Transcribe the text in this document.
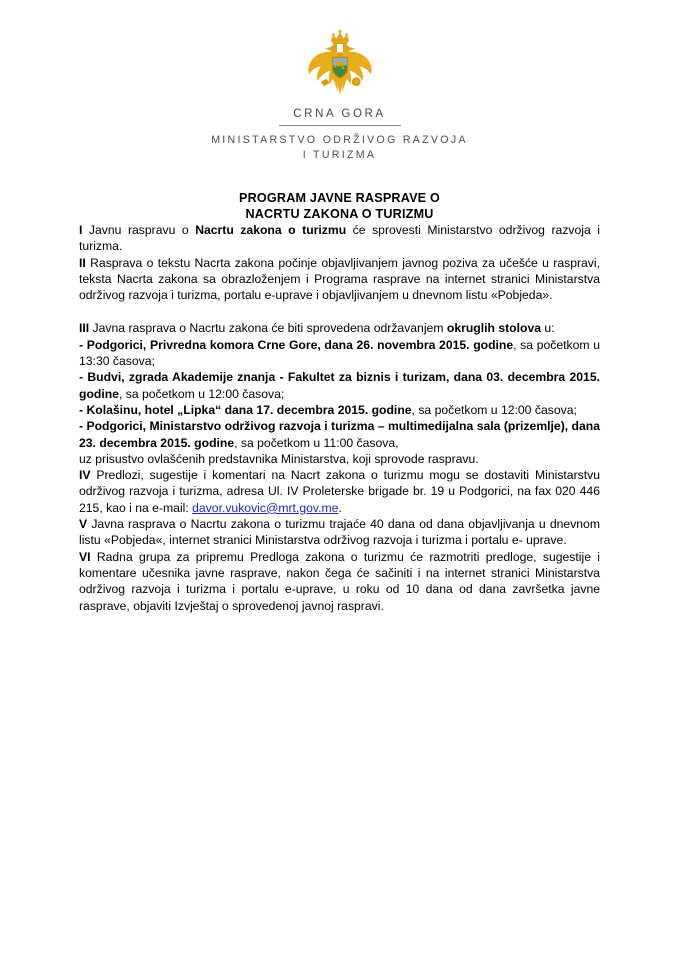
CRNA GORA
MINISTARSTVO ODRŽIVOG RAZVOJA
I TURIZMA
PROGRAM JAVNE RASPRAVE O
NACRTU ZAKONA O TURIZMU

I Javnu raspravu o Nacrtu zakona o turizmu će sprovesti Ministarstvo održivog razvoja i turizma.

II Rasprava o tekstu Nacrta zakona počinje objavljivanjem javnog poziva za učešće u raspravi, teksta Nacrta zakona sa obrazloženjem i Programa rasprave na internet stranici Ministarstva održivog razvoja i turizma, portalu e-uprave i objavljivanjem u dnevnom listu «Pobjeda».

III Javna rasprava o Nacrtu zakona će biti sprovedena održavanjem okruglih stolova u:

- Podgorici, Privredna komora Crne Gore, dana 26. novembra 2015. godine, sa početkom u 13:30 časova;

- Budvi, zgrada Akademije znanja - Fakultet za biznis i turizam, dana 03. decembra 2015. godine, sa početkom u 12:00 časova;

- Kolašinu, hotel „Lipka“ dana 17. decembra 2015. godine, sa početkom u 12:00 časova;

- Podgorici, Ministarstvo održivog razvoja i turizma – multimedijalna sala (prizemlje), dana 23. decembra 2015. godine, sa početkom u 11:00 časova,

uz prisustvo ovlašćenih predstavnika Ministarstva, koji sprovode raspravu.

IV Predlozi, sugestije i komentari na Nacrt zakona o turizmu mogu se dostaviti Ministarstvu održivog razvoja i turizma, adresa Ul. IV Proleterske brigade br. 19 u Podgorici, na fax 020 446 215, kao i na e-mail: davor.vukovic@mrt.gov.me.

V Javna rasprava o Nacrtu zakona o turizmu trajaće 40 dana od dana objavljivanja u dnevnom listu «Pobjeda«, internet stranici Ministarstva održivog razvoja i turizma i portalu e- uprave.

VI Radna grupa za pripremu Predloga zakona o turizmu će razmotriti predloge, sugestije i komentare učesnika javne rasprave, nakon čega će sačiniti i na internet stranici Ministarstva održivog razvoja i turizma i portalu e-uprave, u roku od 10 dana od dana završetka javne rasprave, objaviti Izvještaj o sprovedenoj javnoj raspravi.
